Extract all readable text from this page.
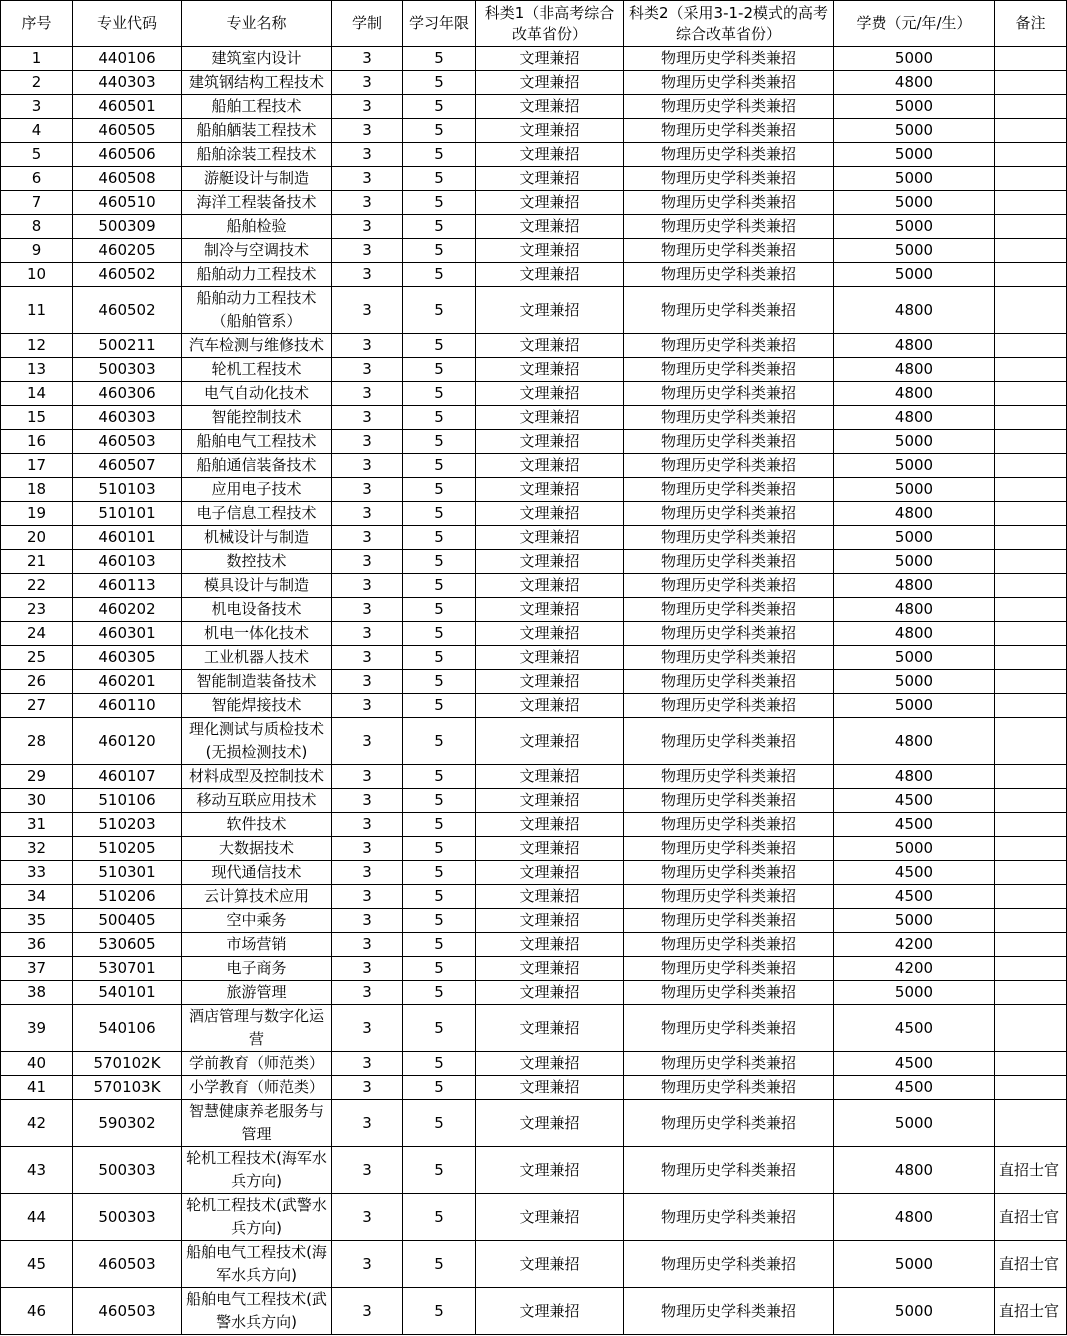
序号	专业代码	专业名称	学制	学习年限	科类1（非高考综合改革省份）	科类2（采用3-1-2模式的高考综合改革省份）	学费（元/年/生）	备注
1	440106	建筑室内设计	3	5	文理兼招	物理历史学科类兼招	5000	
2	440303	建筑钢结构工程技术	3	5	文理兼招	物理历史学科类兼招	4800	
3	460501	船舶工程技术	3	5	文理兼招	物理历史学科类兼招	5000	
4	460505	船舶舾装工程技术	3	5	文理兼招	物理历史学科类兼招	5000	
5	460506	船舶涂装工程技术	3	5	文理兼招	物理历史学科类兼招	5000	
6	460508	游艇设计与制造	3	5	文理兼招	物理历史学科类兼招	5000	
7	460510	海洋工程装备技术	3	5	文理兼招	物理历史学科类兼招	5000	
8	500309	船舶检验	3	5	文理兼招	物理历史学科类兼招	5000	
9	460205	制冷与空调技术	3	5	文理兼招	物理历史学科类兼招	5000	
10	460502	船舶动力工程技术	3	5	文理兼招	物理历史学科类兼招	5000	
11	460502	船舶动力工程技术（船舶管系）	3	5	文理兼招	物理历史学科类兼招	4800	
12	500211	汽车检测与维修技术	3	5	文理兼招	物理历史学科类兼招	4800	
13	500303	轮机工程技术	3	5	文理兼招	物理历史学科类兼招	4800	
14	460306	电气自动化技术	3	5	文理兼招	物理历史学科类兼招	4800	
15	460303	智能控制技术	3	5	文理兼招	物理历史学科类兼招	4800	
16	460503	船舶电气工程技术	3	5	文理兼招	物理历史学科类兼招	5000	
17	460507	船舶通信装备技术	3	5	文理兼招	物理历史学科类兼招	5000	
18	510103	应用电子技术	3	5	文理兼招	物理历史学科类兼招	5000	
19	510101	电子信息工程技术	3	5	文理兼招	物理历史学科类兼招	4800	
20	460101	机械设计与制造	3	5	文理兼招	物理历史学科类兼招	5000	
21	460103	数控技术	3	5	文理兼招	物理历史学科类兼招	5000	
22	460113	模具设计与制造	3	5	文理兼招	物理历史学科类兼招	4800	
23	460202	机电设备技术	3	5	文理兼招	物理历史学科类兼招	4800	
24	460301	机电一体化技术	3	5	文理兼招	物理历史学科类兼招	4800	
25	460305	工业机器人技术	3	5	文理兼招	物理历史学科类兼招	5000	
26	460201	智能制造装备技术	3	5	文理兼招	物理历史学科类兼招	5000	
27	460110	智能焊接技术	3	5	文理兼招	物理历史学科类兼招	5000	
28	460120	理化测试与质检技术(无损检测技术)	3	5	文理兼招	物理历史学科类兼招	4800	
29	460107	材料成型及控制技术	3	5	文理兼招	物理历史学科类兼招	4800	
30	510106	移动互联应用技术	3	5	文理兼招	物理历史学科类兼招	4500	
31	510203	软件技术	3	5	文理兼招	物理历史学科类兼招	4500	
32	510205	大数据技术	3	5	文理兼招	物理历史学科类兼招	5000	
33	510301	现代通信技术	3	5	文理兼招	物理历史学科类兼招	4500	
34	510206	云计算技术应用	3	5	文理兼招	物理历史学科类兼招	4500	
35	500405	空中乘务	3	5	文理兼招	物理历史学科类兼招	5000	
36	530605	市场营销	3	5	文理兼招	物理历史学科类兼招	4200	
37	530701	电子商务	3	5	文理兼招	物理历史学科类兼招	4200	
38	540101	旅游管理	3	5	文理兼招	物理历史学科类兼招	5000	
39	540106	酒店管理与数字化运营	3	5	文理兼招	物理历史学科类兼招	4500	
40	570102K	学前教育（师范类）	3	5	文理兼招	物理历史学科类兼招	4500	
41	570103K	小学教育（师范类）	3	5	文理兼招	物理历史学科类兼招	4500	
42	590302	智慧健康养老服务与管理	3	5	文理兼招	物理历史学科类兼招	5000	
43	500303	轮机工程技术(海军水兵方向)	3	5	文理兼招	物理历史学科类兼招	4800	直招士官
44	500303	轮机工程技术(武警水兵方向)	3	5	文理兼招	物理历史学科类兼招	4800	直招士官
45	460503	船舶电气工程技术(海军水兵方向)	3	5	文理兼招	物理历史学科类兼招	5000	直招士官
46	460503	船舶电气工程技术(武警水兵方向)	3	5	文理兼招	物理历史学科类兼招	5000	直招士官
